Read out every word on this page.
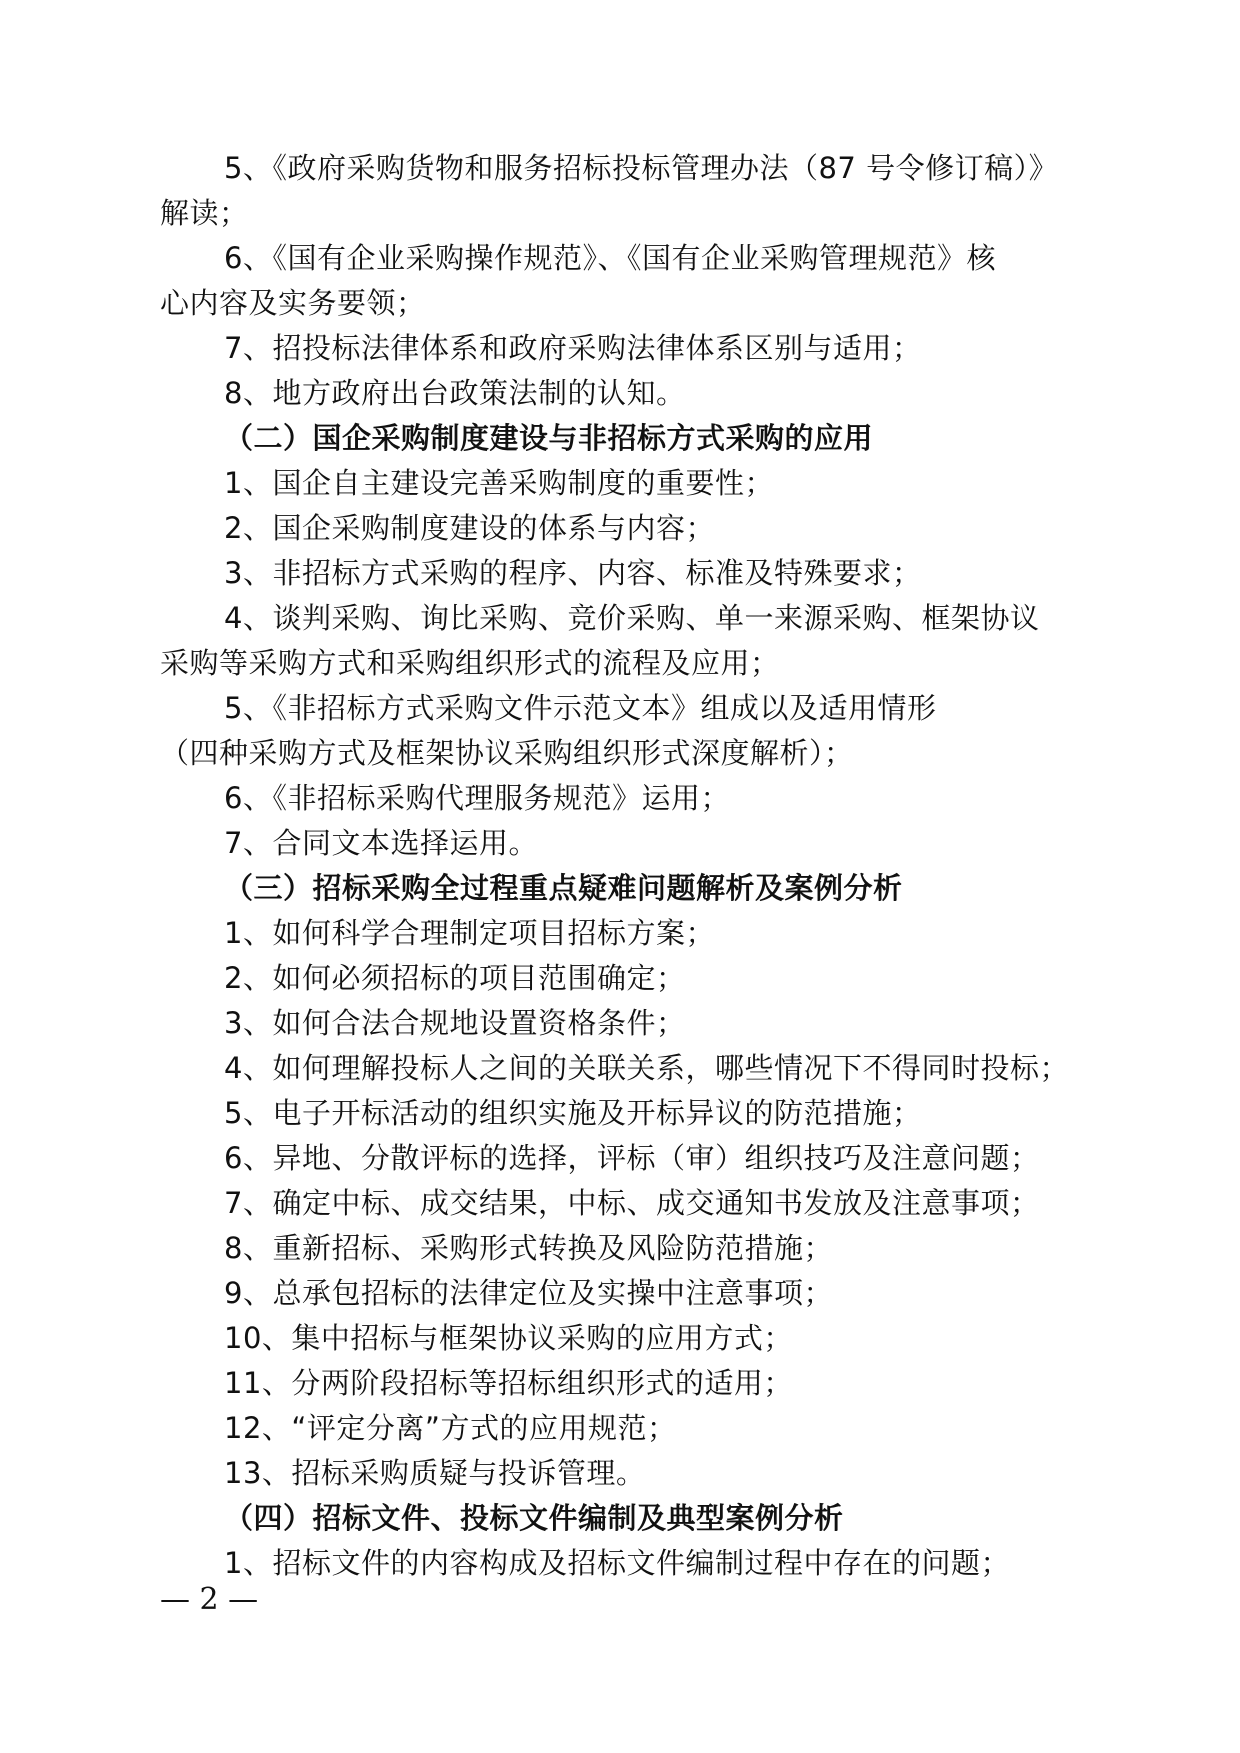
5、《政府采购货物和服务招标投标管理办法（87 号令修订稿）》
解读；
6、《国有企业采购操作规范》、《国有企业采购管理规范》核
心内容及实务要领；
7、招投标法律体系和政府采购法律体系区别与适用；
8、地方政府出台政策法制的认知。
（二）国企采购制度建设与非招标方式采购的应用
1、国企自主建设完善采购制度的重要性；
2、国企采购制度建设的体系与内容；
3、非招标方式采购的程序、内容、标准及特殊要求；
4、谈判采购、询比采购、竞价采购、单一来源采购、框架协议
采购等采购方式和采购组织形式的流程及应用；
5、《非招标方式采购文件示范文本》组成以及适用情形
（四种采购方式及框架协议采购组织形式深度解析）；
6、《非招标采购代理服务规范》运用；
7、合同文本选择运用。
（三）招标采购全过程重点疑难问题解析及案例分析
1、如何科学合理制定项目招标方案；
2、如何必须招标的项目范围确定；
3、如何合法合规地设置资格条件；
4、如何理解投标人之间的关联关系，哪些情况下不得同时投标；
5、电子开标活动的组织实施及开标异议的防范措施；
6、异地、分散评标的选择，评标（审）组织技巧及注意问题；
7、确定中标、成交结果，中标、成交通知书发放及注意事项；
8、重新招标、采购形式转换及风险防范措施；
9、总承包招标的法律定位及实操中注意事项；
10、集中招标与框架协议采购的应用方式；
11、分两阶段招标等招标组织形式的适用；
12、“评定分离”方式的应用规范；
13、招标采购质疑与投诉管理。
（四）招标文件、投标文件编制及典型案例分析
1、招标文件的内容构成及招标文件编制过程中存在的问题；
— 2 —
